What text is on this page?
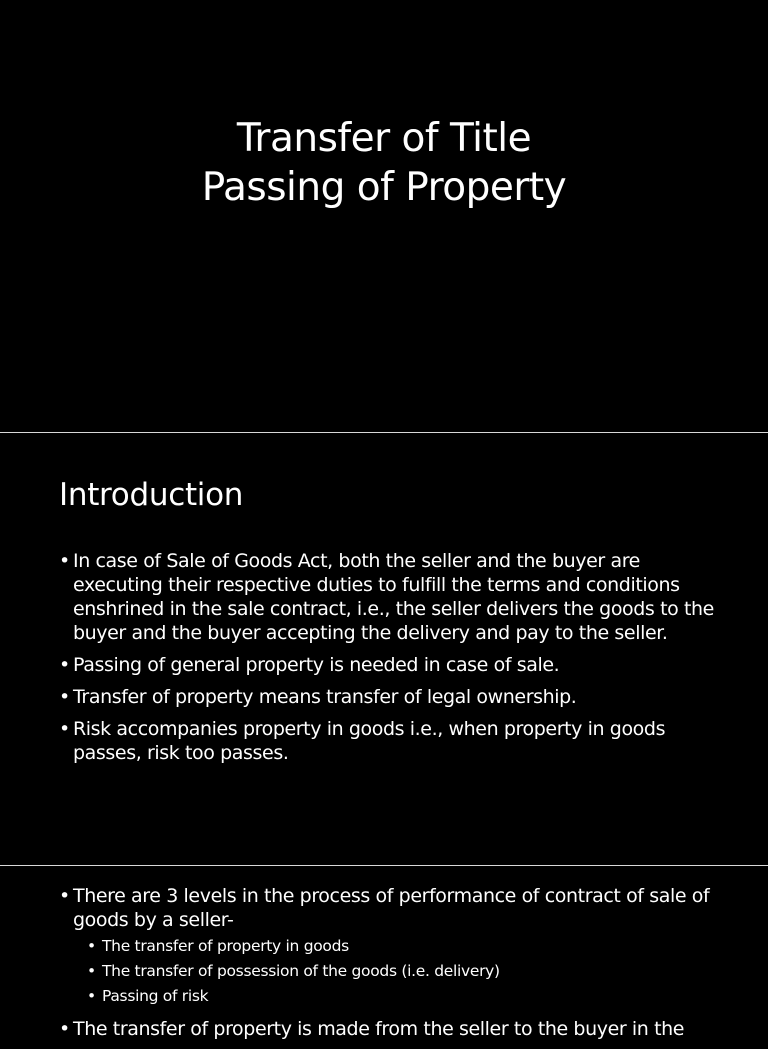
Transfer of Title
Passing of Property
Introduction
• In case of Sale of Goods Act, both the seller and the buyer are executing their respective duties to fulfill the terms and conditions enshrined in the sale contract, i.e., the seller delivers the goods to the buyer and the buyer accepting the delivery and pay to the seller.
• Passing of general property is needed in case of sale.
• Transfer of property means transfer of legal ownership.
• Risk accompanies property in goods i.e., when property in goods passes, risk too passes.
• There are 3 levels in the process of performance of contract of sale of goods by a seller-
• The transfer of property in goods
• The transfer of possession of the goods (i.e. delivery)
• Passing of risk
• The transfer of property is made from the seller to the buyer in the
